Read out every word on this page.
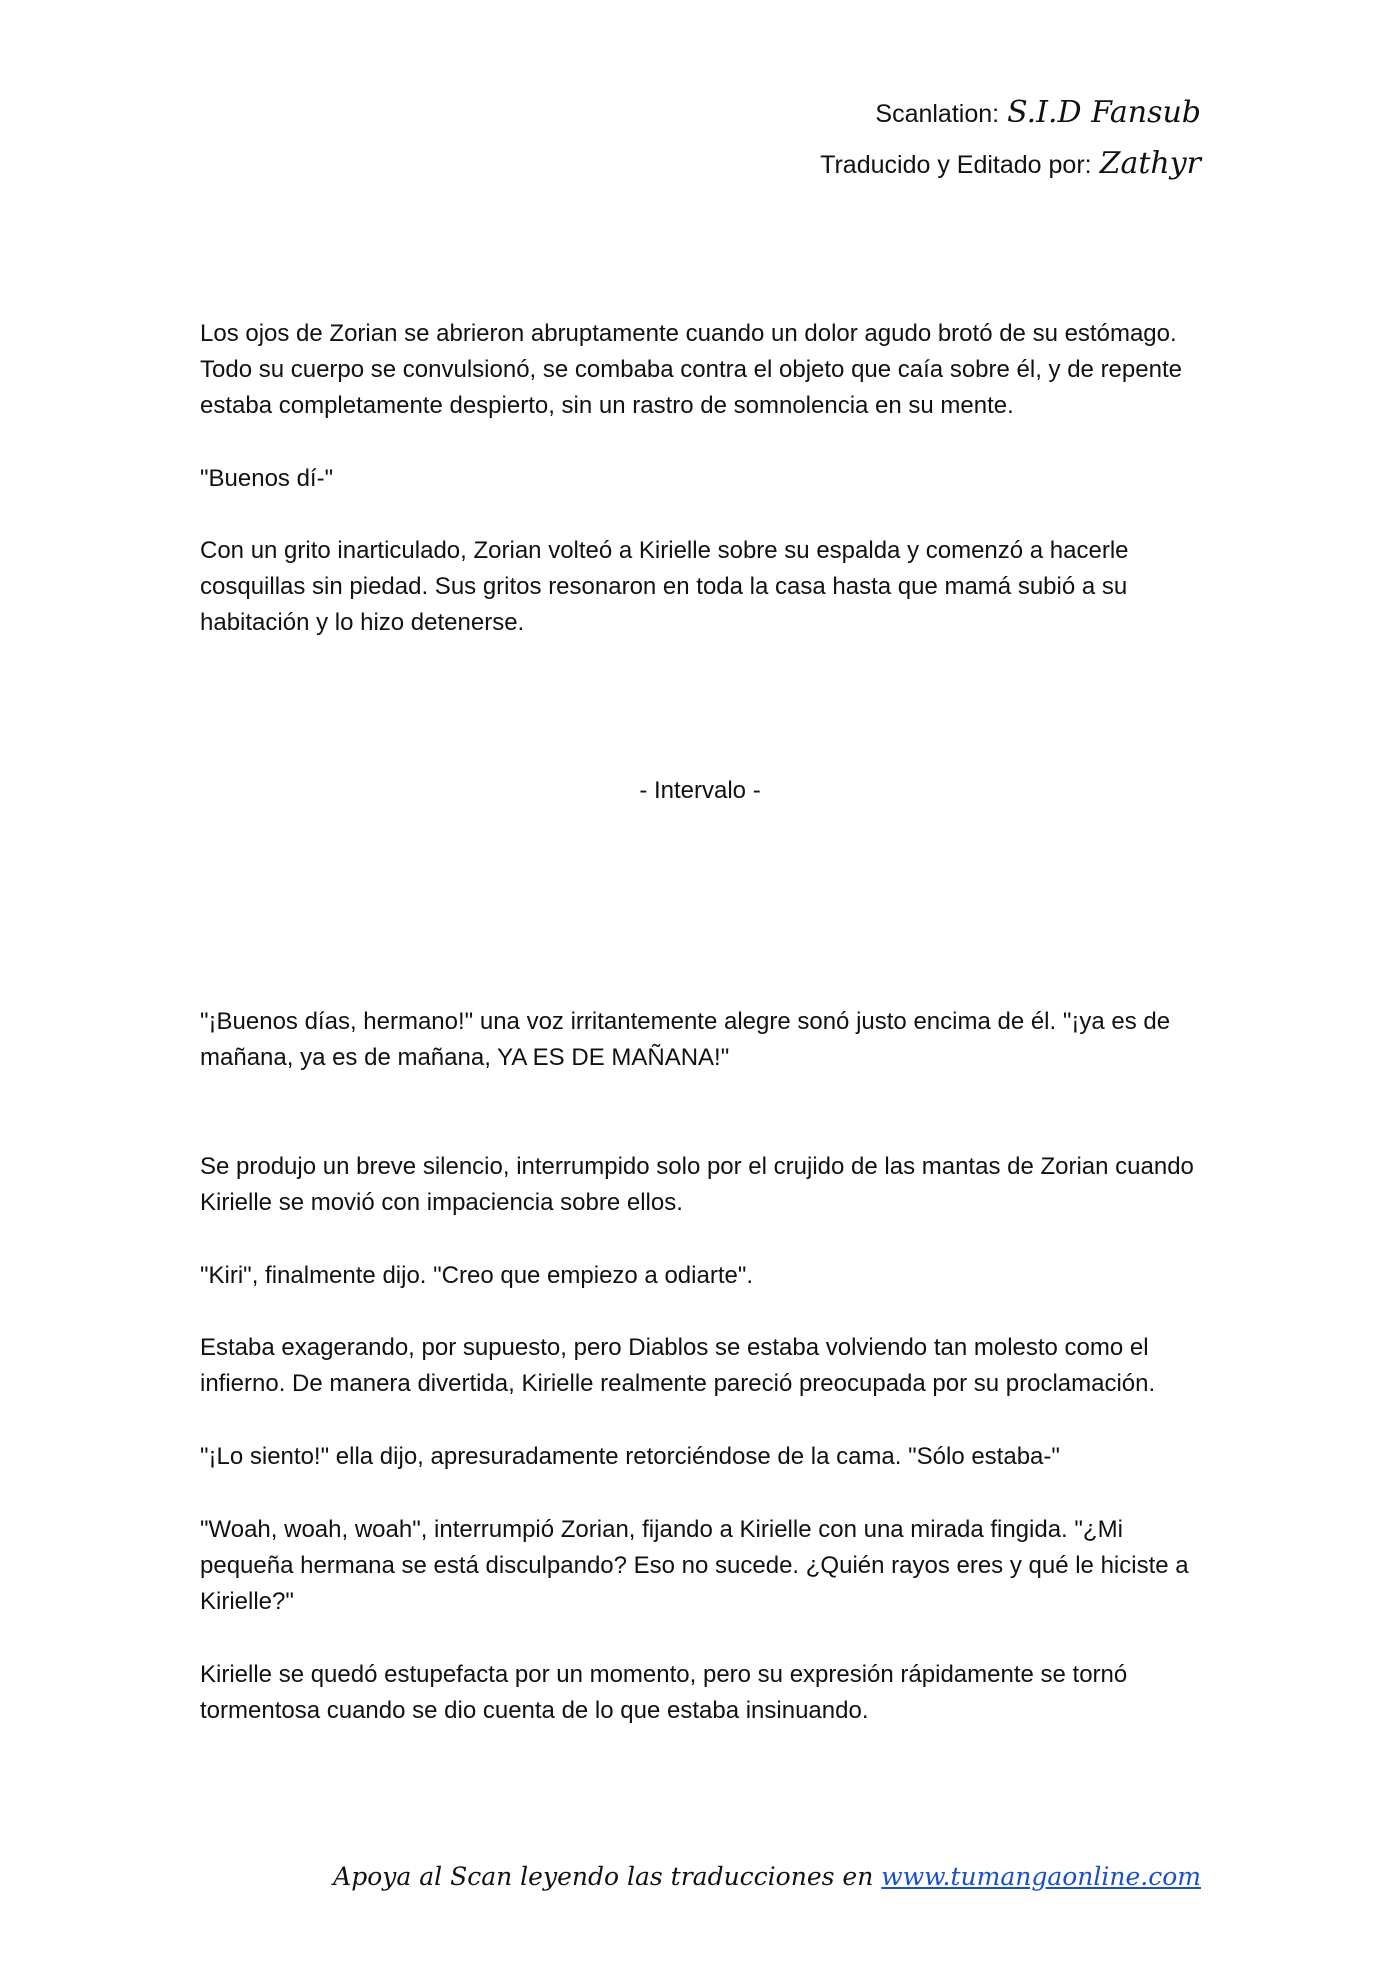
Scanlation: S.I.D Fansub
Traducido y Editado por: Zathyr

Los ojos de Zorian se abrieron abruptamente cuando un dolor agudo brotó de su estómago. Todo su cuerpo se convulsionó, se combaba contra el objeto que caía sobre él, y de repente estaba completamente despierto, sin un rastro de somnolencia en su mente.

"Buenos dí-"

Con un grito inarticulado, Zorian volteó a Kirielle sobre su espalda y comenzó a hacerle cosquillas sin piedad. Sus gritos resonaron en toda la casa hasta que mamá subió a su habitación y lo hizo detenerse.

- Intervalo -

"¡Buenos días, hermano!" una voz irritantemente alegre sonó justo encima de él. "¡ya es de mañana, ya es de mañana, YA ES DE MAÑANA!"

Se produjo un breve silencio, interrumpido solo por el crujido de las mantas de Zorian cuando Kirielle se movió con impaciencia sobre ellos.

"Kiri", finalmente dijo. "Creo que empiezo a odiarte".

Estaba exagerando, por supuesto, pero Diablos se estaba volviendo tan molesto como el infierno. De manera divertida, Kirielle realmente pareció preocupada por su proclamación.

"¡Lo siento!" ella dijo, apresuradamente retorciéndose de la cama. "Sólo estaba-"

"Woah, woah, woah", interrumpió Zorian, fijando a Kirielle con una mirada fingida. "¿Mi pequeña hermana se está disculpando? Eso no sucede. ¿Quién rayos eres y qué le hiciste a Kirielle?"

Kirielle se quedó estupefacta por un momento, pero su expresión rápidamente se tornó tormentosa cuando se dio cuenta de lo que estaba insinuando.

Apoya al Scan leyendo las traducciones en www.tumangaonline.com
